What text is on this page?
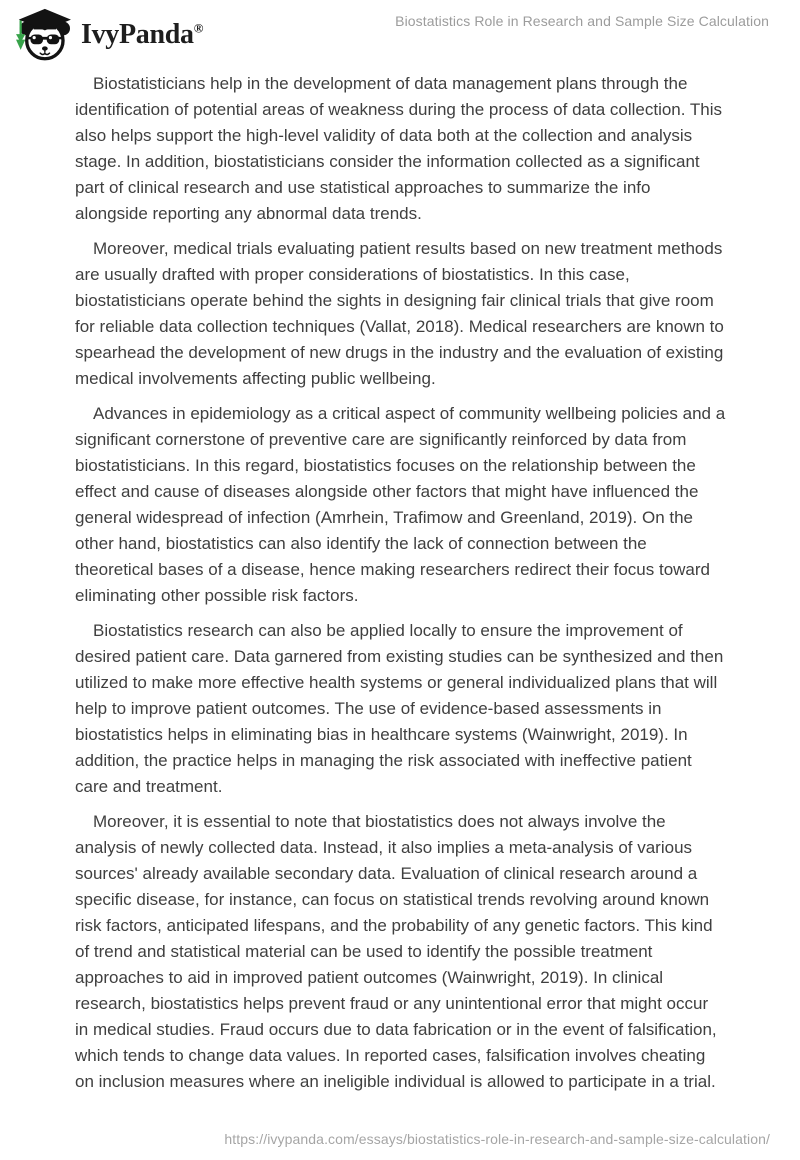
IvyPanda®	Biostatistics Role in Research and Sample Size Calculation

Biostatisticians help in the development of data management plans through the identification of potential areas of weakness during the process of data collection. This also helps support the high-level validity of data both at the collection and analysis stage. In addition, biostatisticians consider the information collected as a significant part of clinical research and use statistical approaches to summarize the info alongside reporting any abnormal data trends.

Moreover, medical trials evaluating patient results based on new treatment methods are usually drafted with proper considerations of biostatistics. In this case, biostatisticians operate behind the sights in designing fair clinical trials that give room for reliable data collection techniques (Vallat, 2018). Medical researchers are known to spearhead the development of new drugs in the industry and the evaluation of existing medical involvements affecting public wellbeing.

Advances in epidemiology as a critical aspect of community wellbeing policies and a significant cornerstone of preventive care are significantly reinforced by data from biostatisticians. In this regard, biostatistics focuses on the relationship between the effect and cause of diseases alongside other factors that might have influenced the general widespread of infection (Amrhein, Trafimow and Greenland, 2019). On the other hand, biostatistics can also identify the lack of connection between the theoretical bases of a disease, hence making researchers redirect their focus toward eliminating other possible risk factors.

Biostatistics research can also be applied locally to ensure the improvement of desired patient care. Data garnered from existing studies can be synthesized and then utilized to make more effective health systems or general individualized plans that will help to improve patient outcomes. The use of evidence-based assessments in biostatistics helps in eliminating bias in healthcare systems (Wainwright, 2019). In addition, the practice helps in managing the risk associated with ineffective patient care and treatment.

Moreover, it is essential to note that biostatistics does not always involve the analysis of newly collected data. Instead, it also implies a meta-analysis of various sources' already available secondary data. Evaluation of clinical research around a specific disease, for instance, can focus on statistical trends revolving around known risk factors, anticipated lifespans, and the probability of any genetic factors. This kind of trend and statistical material can be used to identify the possible treatment approaches to aid in improved patient outcomes (Wainwright, 2019). In clinical research, biostatistics helps prevent fraud or any unintentional error that might occur in medical studies. Fraud occurs due to data fabrication or in the event of falsification, which tends to change data values. In reported cases, falsification involves cheating on inclusion measures where an ineligible individual is allowed to participate in a trial.

https://ivypanda.com/essays/biostatistics-role-in-research-and-sample-size-calculation/
